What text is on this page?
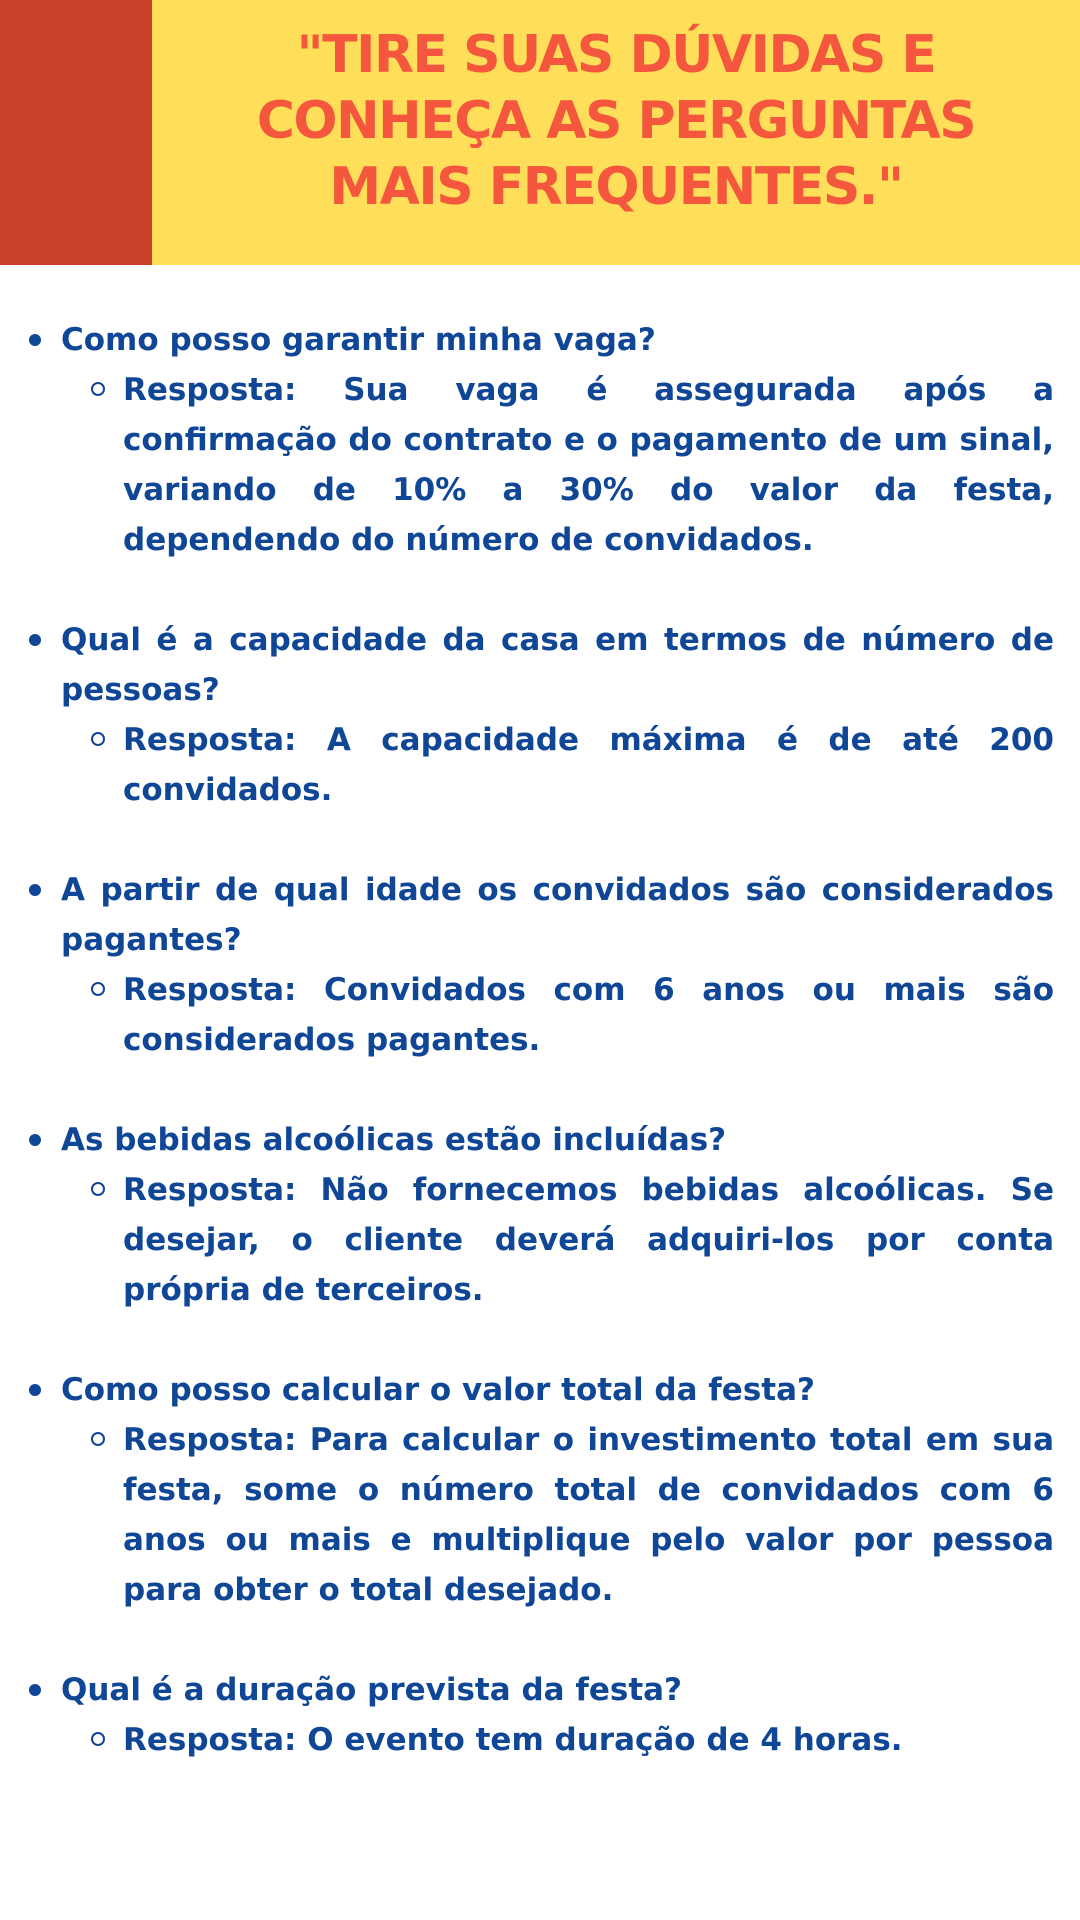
"TIRE SUAS DÚVIDAS E
CONHEÇA AS PERGUNTAS
MAIS FREQUENTES."
Como posso garantir minha vaga?
Resposta: Sua vaga é assegurada após a confirmação do contrato e o pagamento de um sinal, variando de 10% a 30% do valor da festa, dependendo do número de convidados.
Qual é a capacidade da casa em termos de número de pessoas?
Resposta: A capacidade máxima é de até 200 convidados.
A partir de qual idade os convidados são considerados pagantes?
Resposta: Convidados com 6 anos ou mais são considerados pagantes.
As bebidas alcoólicas estão incluídas?
Resposta: Não fornecemos bebidas alcoólicas. Se desejar, o cliente deverá adquiri-los por conta própria de terceiros.
Como posso calcular o valor total da festa?
Resposta: Para calcular o investimento total em sua festa, some o número total de convidados com 6 anos ou mais e multiplique pelo valor por pessoa para obter o total desejado.
Qual é a duração prevista da festa?
Resposta: O evento tem duração de 4 horas.
